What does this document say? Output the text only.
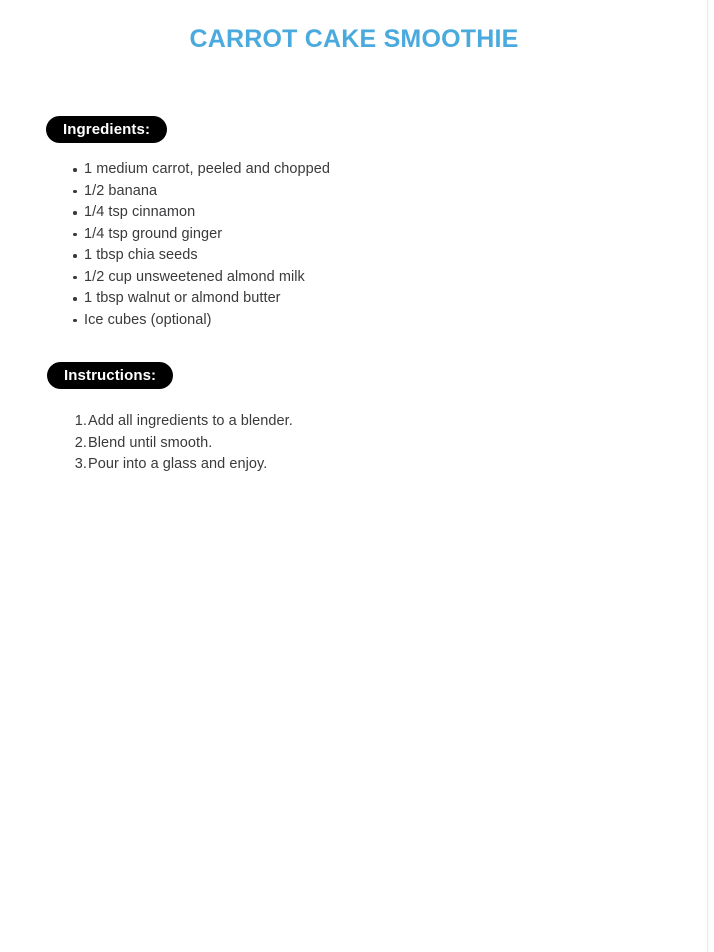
CARROT CAKE SMOOTHIE
Ingredients:
1 medium carrot, peeled and chopped
1/2 banana
1/4 tsp cinnamon
1/4 tsp ground ginger
1 tbsp chia seeds
1/2 cup unsweetened almond milk
1 tbsp walnut or almond butter
Ice cubes (optional)
Instructions:
1. Add all ingredients to a blender.
2. Blend until smooth.
3. Pour into a glass and enjoy.
